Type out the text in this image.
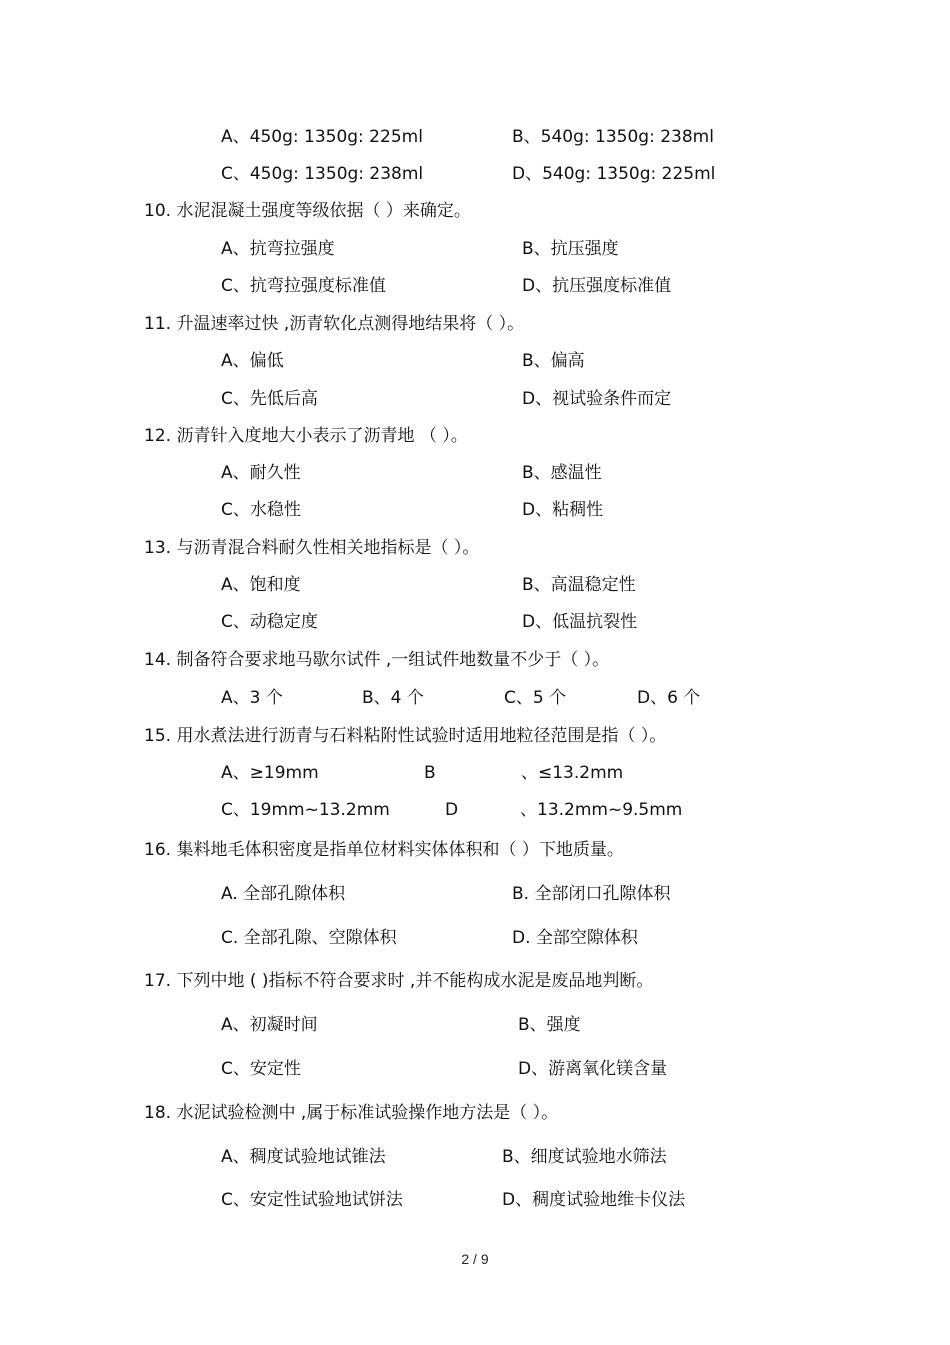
A、450g: 1350g: 225ml	B、540g: 1350g: 238ml
C、450g: 1350g: 238ml	D、540g: 1350g: 225ml
10. 水泥混凝土强度等级依据（ ）来确定。
A、抗弯拉强度	B、抗压强度
C、抗弯拉强度标准值	D、抗压强度标准值
11. 升温速率过快 ,沥青软化点测得地结果将（ ）。
A、偏低	B、偏高
C、先低后高	D、视试验条件而定
12. 沥青针入度地大小表示了沥青地 （ ）。
A、耐久性	B、感温性
C、水稳性	D、粘稠性
13. 与沥青混合料耐久性相关地指标是（ ）。
A、饱和度	B、高温稳定性
C、动稳定度	D、低温抗裂性
14. 制备符合要求地马歇尔试件 ,一组试件地数量不少于（ ）。
A、3 个	B、4 个	C、5 个	D、6 个
15. 用水煮法进行沥青与石料粘附性试验时适用地粒径范围是指（ ）。
A、≥19mm	B	、≤13.2mm
C、19mm~13.2mm	D	、13.2mm~9.5mm
16. 集料地毛体积密度是指单位材料实体体积和（ ）下地质量。
A. 全部孔隙体积	B. 全部闭口孔隙体积
C. 全部孔隙、空隙体积	D. 全部空隙体积
17. 下列中地 ( )指标不符合要求时 ,并不能构成水泥是废品地判断。
A、初凝时间	B、强度
C、安定性	D、游离氧化镁含量
18. 水泥试验检测中 ,属于标准试验操作地方法是（ ）。
A、稠度试验地试锥法	B、细度试验地水筛法
C、安定性试验地试饼法	D、稠度试验地维卡仪法
2 / 9
